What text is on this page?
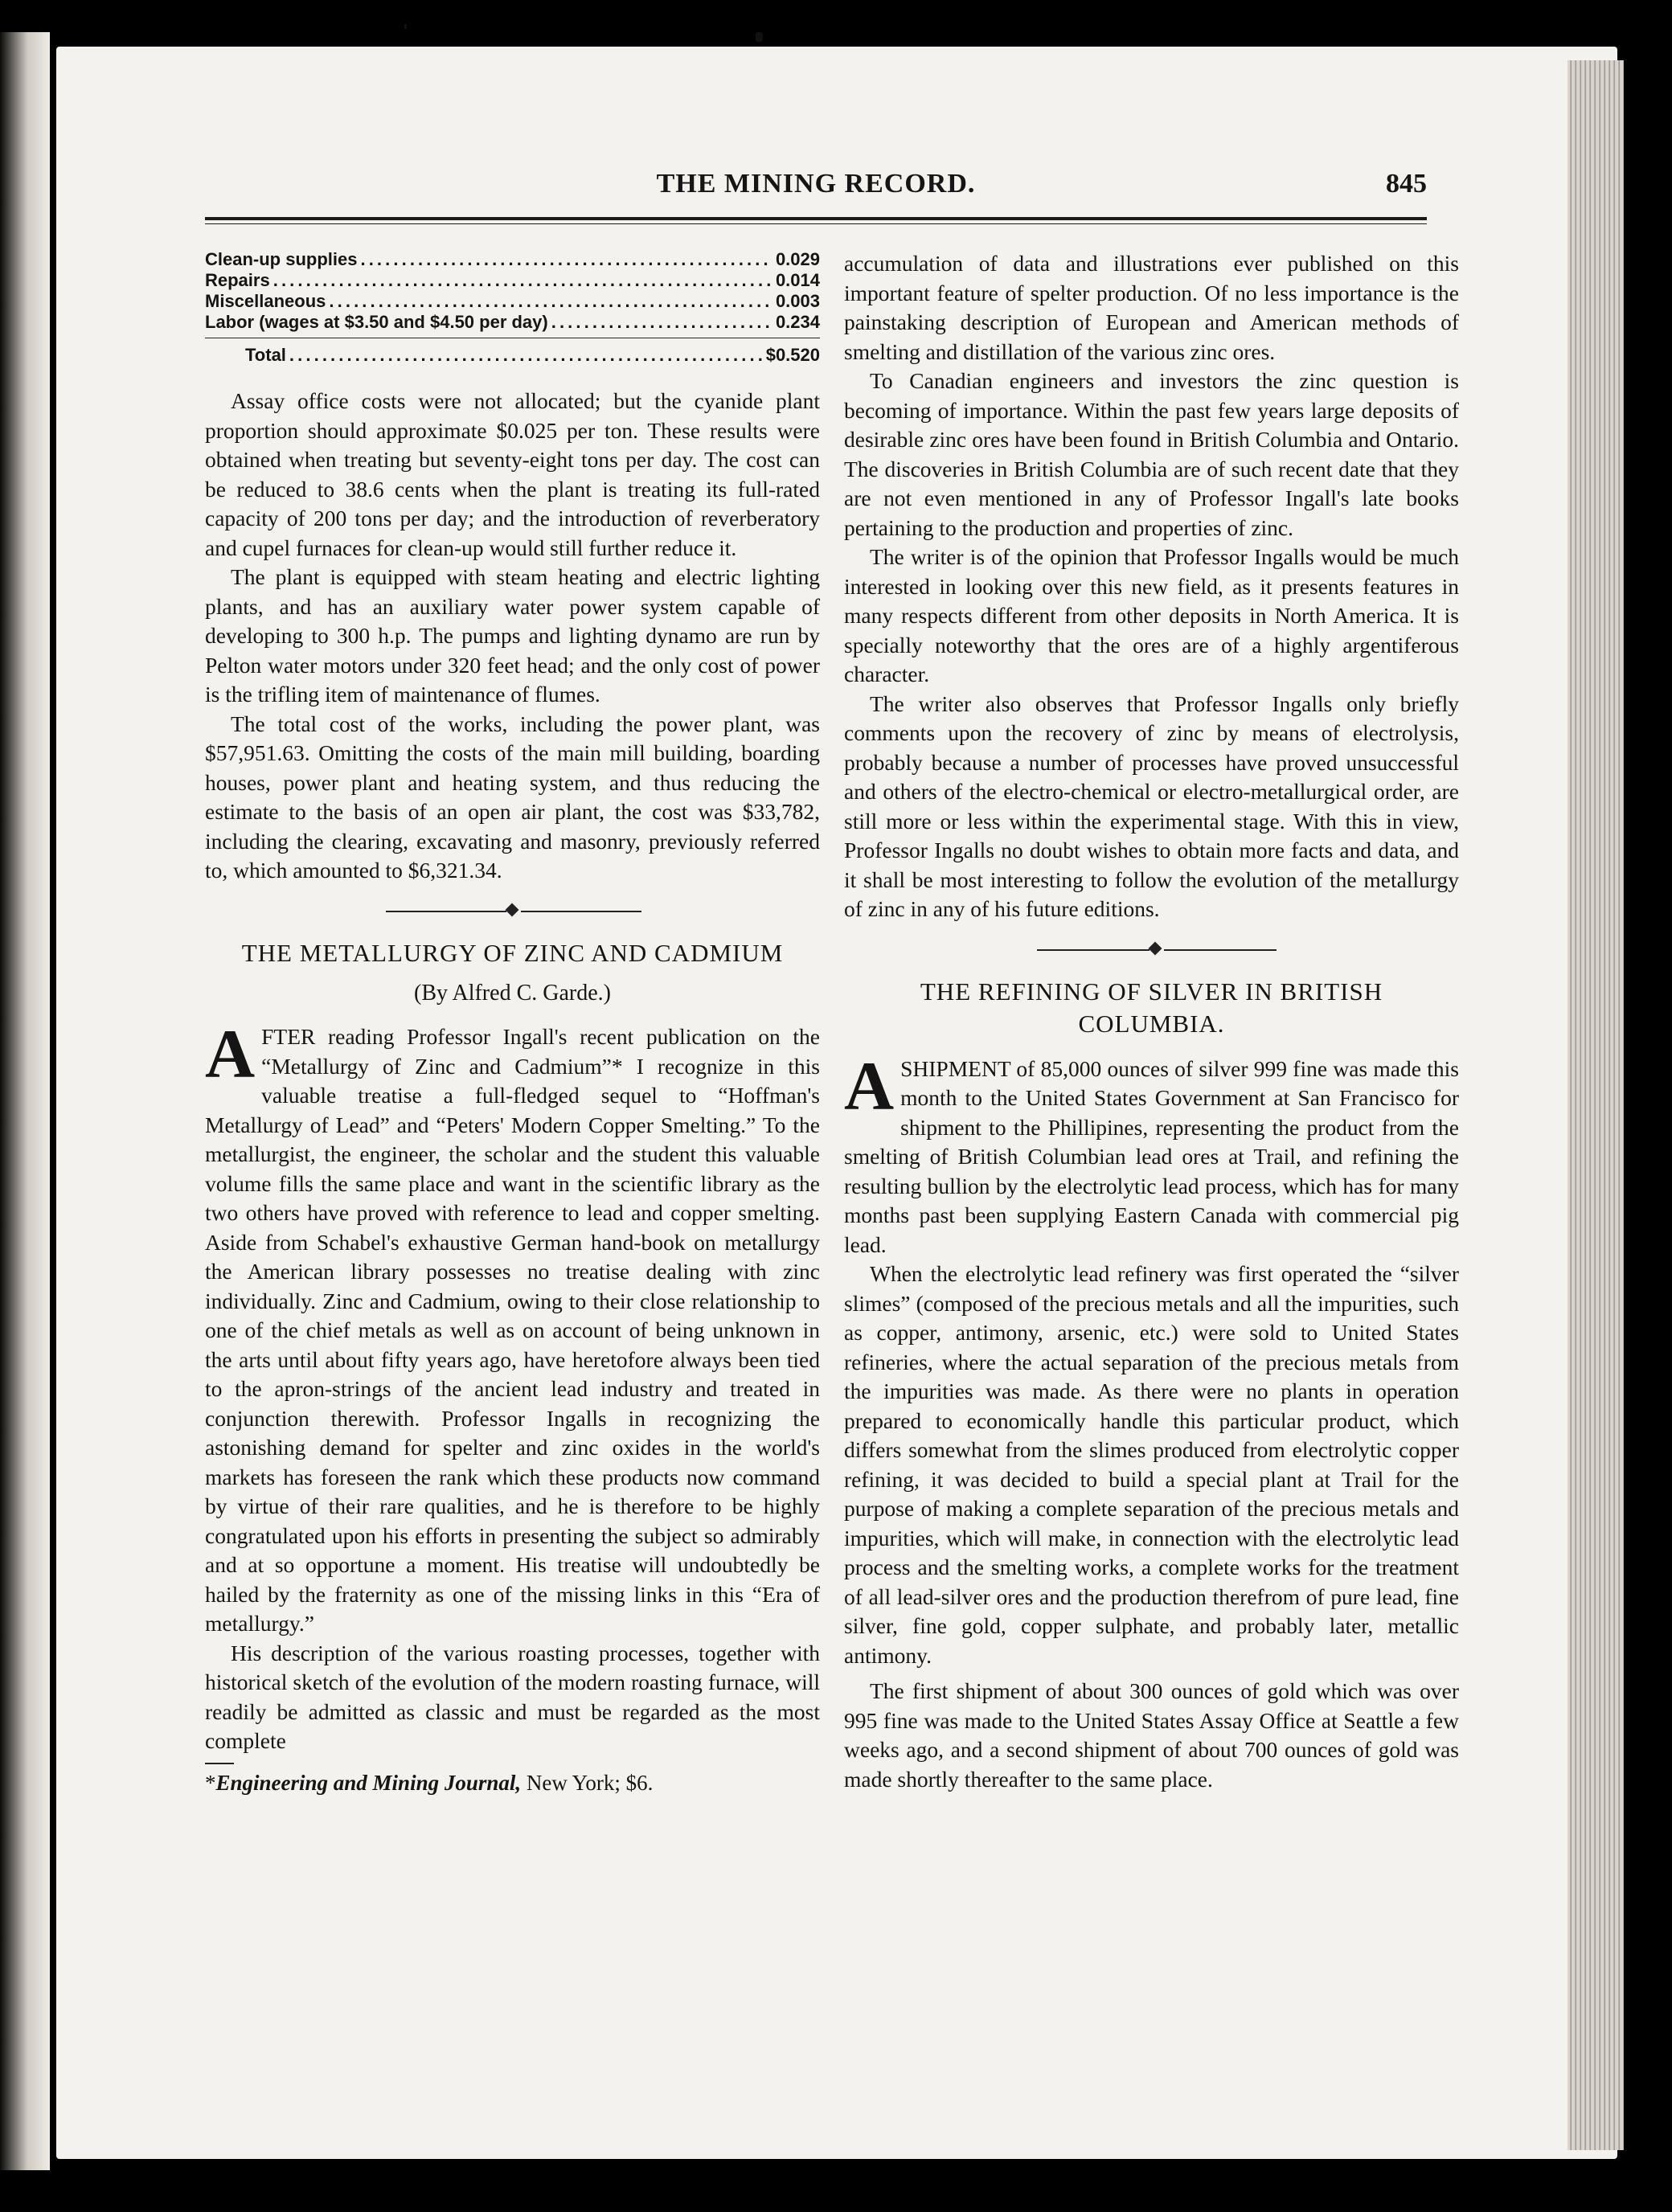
THE MINING RECORD.	845
Clean-up supplies . . .	0.029
Repairs . . .	0.014
Miscellaneous . . .	0.003
Labor (wages at $3.50 and $4.50 per day) . . .	0.234
Total . . .	$0.520

Assay office costs were not allocated; but the cyanide plant proportion should approximate $0.025 per ton. These results were obtained when treating but seventy-eight tons per day. The cost can be reduced to 38.6 cents when the plant is treating its full-rated capacity of 200 tons per day; and the introduction of reverberatory and cupel furnaces for clean-up would still further reduce it.

The plant is equipped with steam heating and electric lighting plants, and has an auxiliary water power system capable of developing to 300 h.p. The pumps and lighting dynamo are run by Pelton water motors under 320 feet head; and the only cost of power is the trifling item of maintenance of flumes.

The total cost of the works, including the power plant, was $57,951.63. Omitting the costs of the main mill building, boarding houses, power plant and heating system, and thus reducing the estimate to the basis of an open air plant, the cost was $33,782, including the clearing, excavating and masonry, previously referred to, which amounted to $6,321.34.

THE METALLURGY OF ZINC AND CADMIUM
(By Alfred C. Garde.)

AFTER reading Professor Ingall's recent publication on the “Metallurgy of Zinc and Cadmium”* I recognize in this valuable treatise a full-fledged sequel to “Hoffman's Metallurgy of Lead” and “Peters' Modern Copper Smelting.” To the metallurgist, the engineer, the scholar and the student this valuable volume fills the same place and want in the scientific library as the two others have proved with reference to lead and copper smelting. Aside from Schabel's exhaustive German hand-book on metallurgy the American library possesses no treatise dealing with zinc individually. Zinc and Cadmium, owing to their close relationship to one of the chief metals as well as on account of being unknown in the arts until about fifty years ago, have heretofore always been tied to the apron-strings of the ancient lead industry and treated in conjunction therewith. Professor Ingalls in recognizing the astonishing demand for spelter and zinc oxides in the world's markets has foreseen the rank which these products now command by virtue of their rare qualities, and he is therefore to be highly congratulated upon his efforts in presenting the subject so admirably and at so opportune a moment. His treatise will undoubtedly be hailed by the fraternity as one of the missing links in this “Era of metallurgy.”

His description of the various roasting processes, together with historical sketch of the evolution of the modern roasting furnace, will readily be admitted as classic and must be regarded as the most complete

*Engineering and Mining Journal, New York; $6.

accumulation of data and illustrations ever published on this important feature of spelter production. Of no less importance is the painstaking description of European and American methods of smelting and distillation of the various zinc ores.

To Canadian engineers and investors the zinc question is becoming of importance. Within the past few years large deposits of desirable zinc ores have been found in British Columbia and Ontario. The discoveries in British Columbia are of such recent date that they are not even mentioned in any of Professor Ingall's late books pertaining to the production and properties of zinc.

The writer is of the opinion that Professor Ingalls would be much interested in looking over this new field, as it presents features in many respects different from other deposits in North America. It is specially noteworthy that the ores are of a highly argentiferous character.

The writer also observes that Professor Ingalls only briefly comments upon the recovery of zinc by means of electrolysis, probably because a number of processes have proved unsuccessful and others of the electro-chemical or electro-metallurgical order, are still more or less within the experimental stage. With this in view, Professor Ingalls no doubt wishes to obtain more facts and data, and it shall be most interesting to follow the evolution of the metallurgy of zinc in any of his future editions.

THE REFINING OF SILVER IN BRITISH COLUMBIA.

ASHIPMENT of 85,000 ounces of silver 999 fine was made this month to the United States Government at San Francisco for shipment to the Phillipines, representing the product from the smelting of British Columbian lead ores at Trail, and refining the resulting bullion by the electrolytic lead process, which has for many months past been supplying Eastern Canada with commercial pig lead.

When the electrolytic lead refinery was first operated the “silver slimes” (composed of the precious metals and all the impurities, such as copper, antimony, arsenic, etc.) were sold to United States refineries, where the actual separation of the precious metals from the impurities was made. As there were no plants in operation prepared to economically handle this particular product, which differs somewhat from the slimes produced from electrolytic copper refining, it was decided to build a special plant at Trail for the purpose of making a complete separation of the precious metals and impurities, which will make, in connection with the electrolytic lead process and the smelting works, a complete works for the treatment of all lead-silver ores and the production therefrom of pure lead, fine silver, fine gold, copper sulphate, and probably later, metallic antimony.

The first shipment of about 300 ounces of gold which was over 995 fine was made to the United States Assay Office at Seattle a few weeks ago, and a second shipment of about 700 ounces of gold was made shortly thereafter to the same place.
